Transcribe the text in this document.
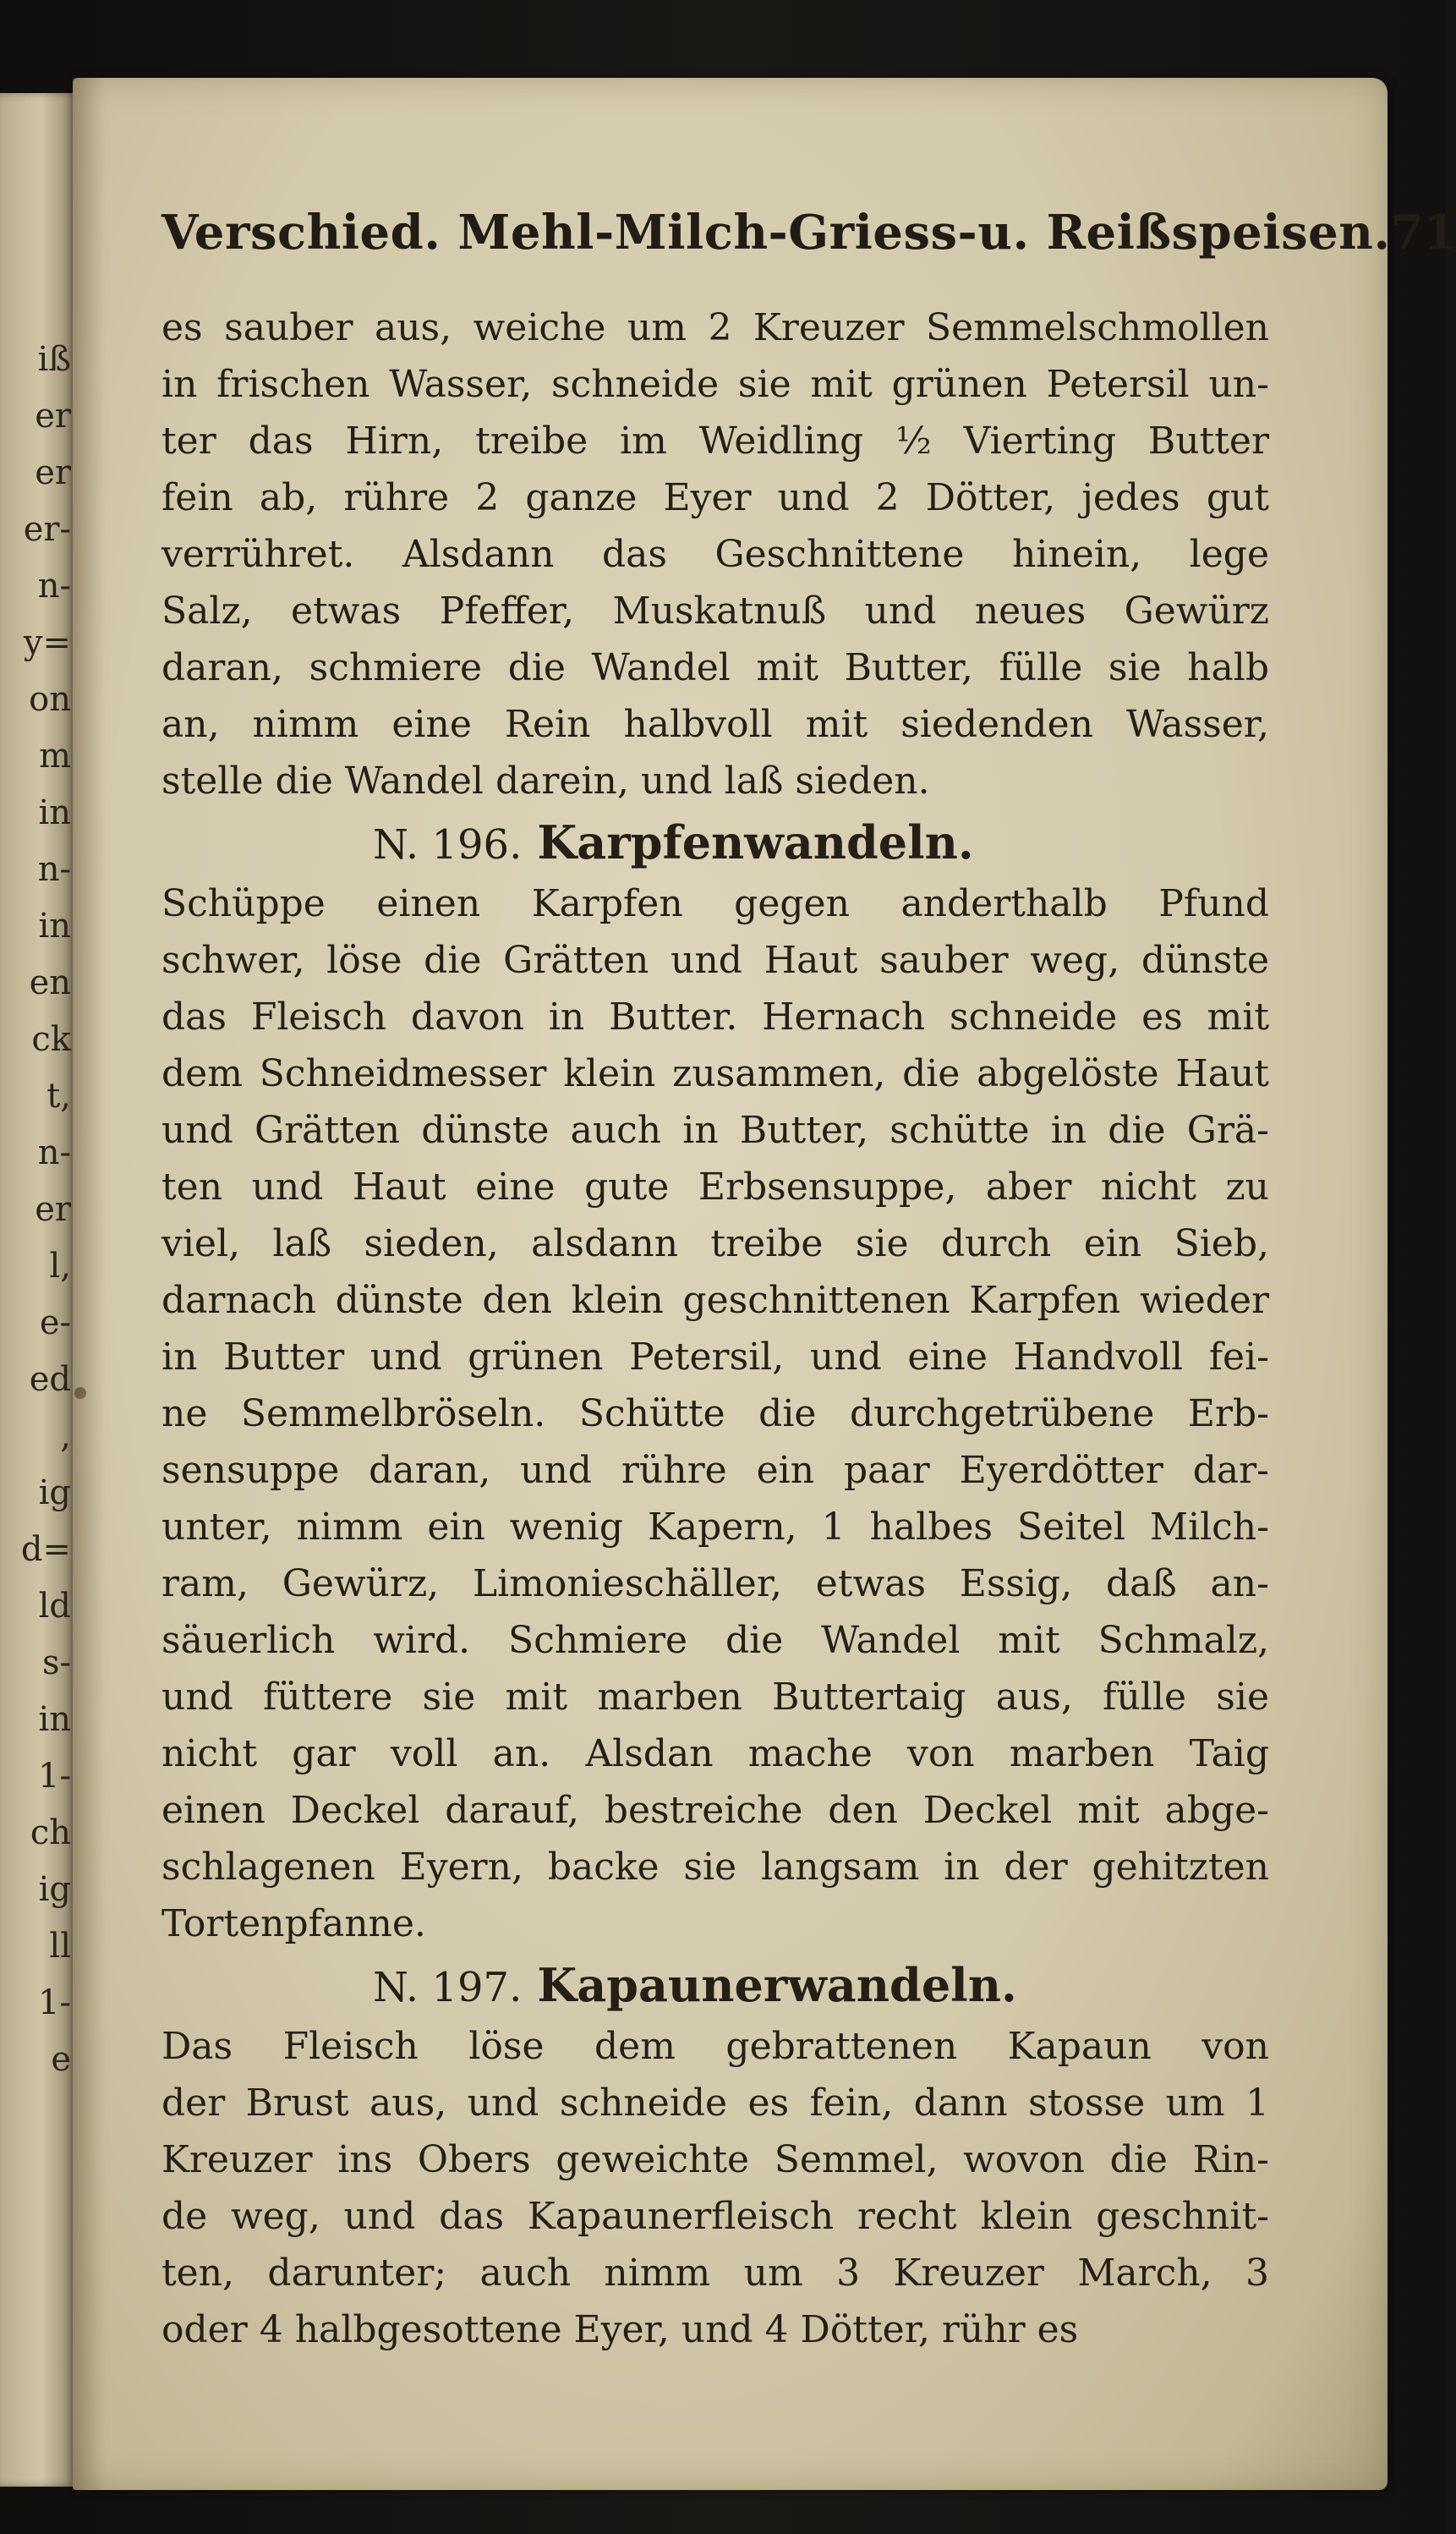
iß
er
er
er-
n-
y=
on
m
in
n-
in
en
ck
t,
n-
er
l,
e-
ed
,
ig
d=
ld
s-
in
1-
ch
ig
ll
1-
e
Verschied. Mehl-Milch-Griess-u. Reißspeisen. 71
es sauber aus, weiche um 2 Kreuzer Semmelschmollen
in frischen Wasser, schneide sie mit grünen Petersil un-
ter das Hirn, treibe im Weidling ½ Vierting Butter
fein ab, rühre 2 ganze Eyer und 2 Dötter, jedes gut
verrühret. Alsdann das Geschnittene hinein, lege
Salz, etwas Pfeffer, Muskatnuß und neues Gewürz
daran, schmiere die Wandel mit Butter, fülle sie halb
an, nimm eine Rein halbvoll mit siedenden Wasser,
stelle die Wandel darein, und laß sieden.
N. 196. Karpfenwandeln.
Schüppe einen Karpfen gegen anderthalb Pfund
schwer, löse die Grätten und Haut sauber weg, dünste
das Fleisch davon in Butter. Hernach schneide es mit
dem Schneidmesser klein zusammen, die abgelöste Haut
und Grätten dünste auch in Butter, schütte in die Grä-
ten und Haut eine gute Erbsensuppe, aber nicht zu
viel, laß sieden, alsdann treibe sie durch ein Sieb,
darnach dünste den klein geschnittenen Karpfen wieder
in Butter und grünen Petersil, und eine Handvoll fei-
ne Semmelbröseln. Schütte die durchgetrübene Erb-
sensuppe daran, und rühre ein paar Eyerdötter dar-
unter, nimm ein wenig Kapern, 1 halbes Seitel Milch-
ram, Gewürz, Limonieschäller, etwas Essig, daß an-
säuerlich wird. Schmiere die Wandel mit Schmalz,
und füttere sie mit marben Buttertaig aus, fülle sie
nicht gar voll an. Alsdan mache von marben Taig
einen Deckel darauf, bestreiche den Deckel mit abge-
schlagenen Eyern, backe sie langsam in der gehitzten
Tortenpfanne.
N. 197. Kapaunerwandeln.
Das Fleisch löse dem gebrattenen Kapaun von
der Brust aus, und schneide es fein, dann stosse um 1
Kreuzer ins Obers geweichte Semmel, wovon die Rin-
de weg, und das Kapaunerfleisch recht klein geschnit-
ten, darunter; auch nimm um 3 Kreuzer March, 3
oder 4 halbgesottene Eyer, und 4 Dötter, rühr es
